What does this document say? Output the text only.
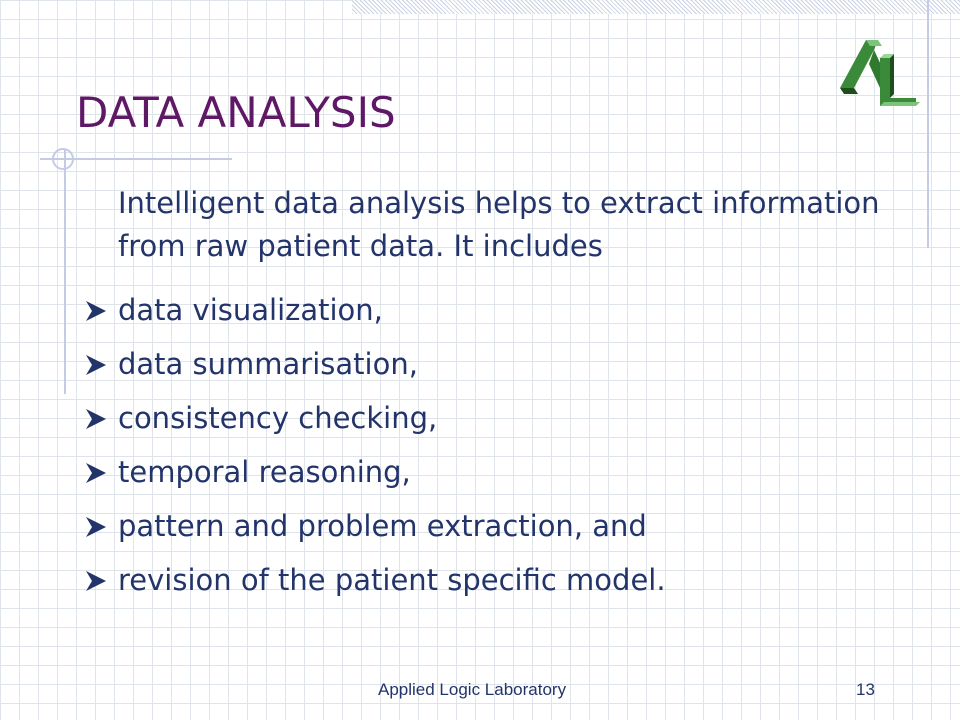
DATA ANALYSIS

Intelligent data analysis helps to extract information from raw patient data. It includes

data visualization,
data summarisation,
consistency checking,
temporal reasoning,
pattern and problem extraction, and
revision of the patient specific model.
Applied Logic Laboratory	13
